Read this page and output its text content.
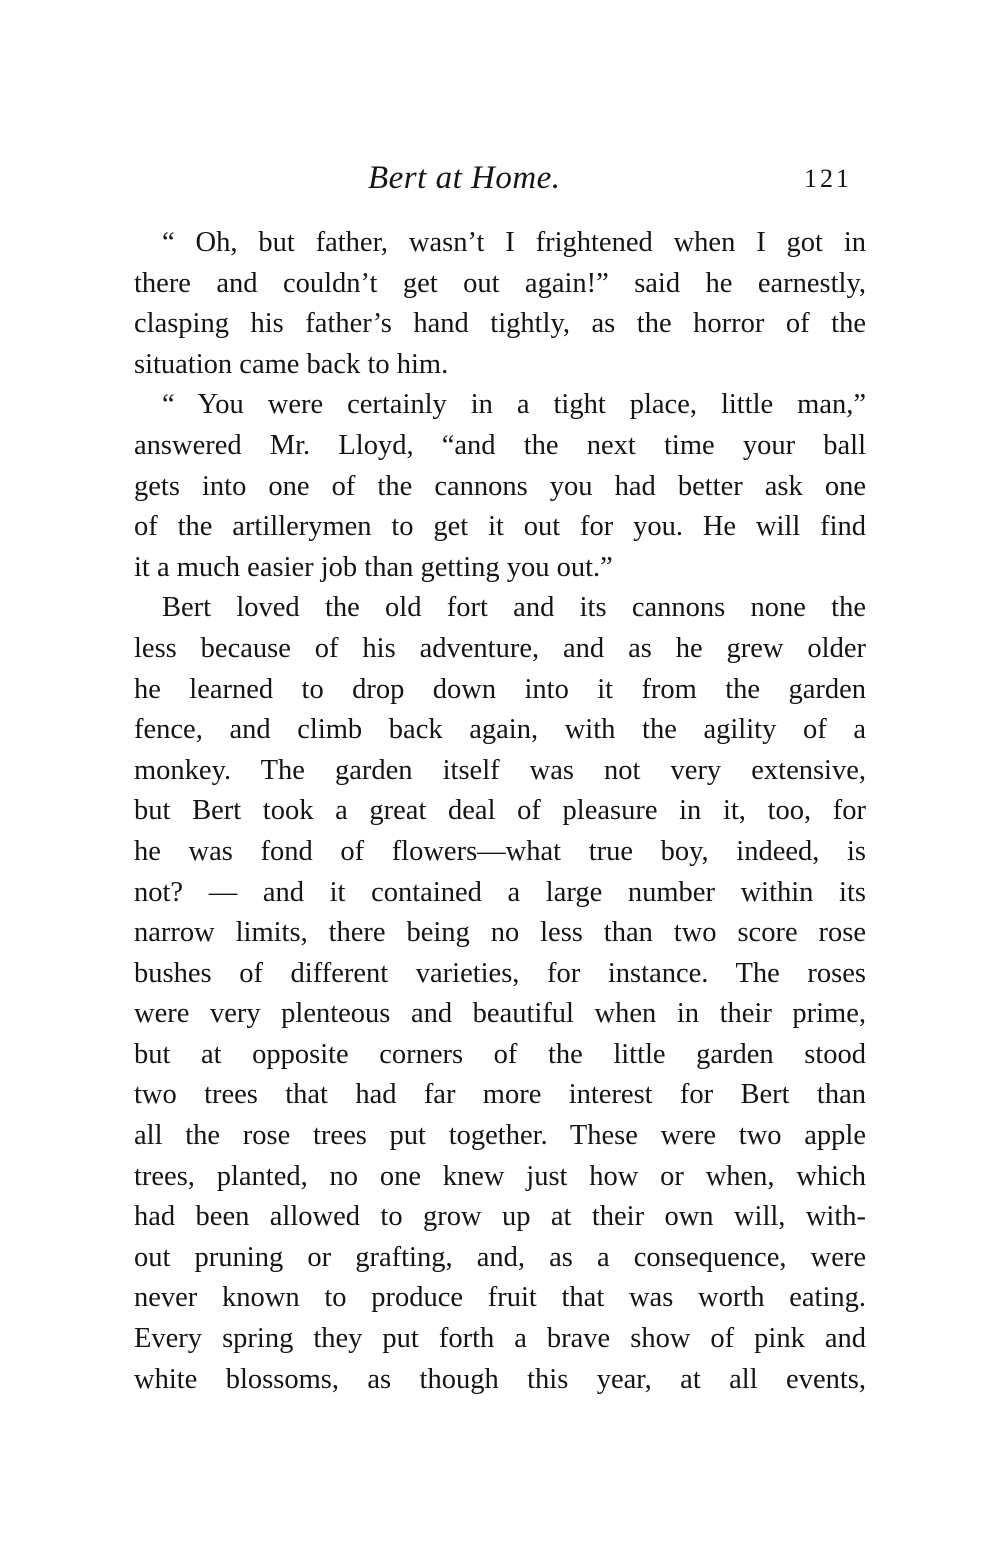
Bert at Home.	121
“ Oh, but father, wasn’t I frightened when I got in
there and couldn’t get out again!” said he earnestly,
clasping his father’s hand tightly, as the horror of the
situation came back to him.
“ You were certainly in a tight place, little man,”
answered Mr. Lloyd, “and the next time your ball
gets into one of the cannons you had better ask one
of the artillerymen to get it out for you. He will find
it a much easier job than getting you out.”
Bert loved the old fort and its cannons none the
less because of his adventure, and as he grew older
he learned to drop down into it from the garden
fence, and climb back again, with the agility of a
monkey. The garden itself was not very extensive,
but Bert took a great deal of pleasure in it, too, for
he was fond of flowers—what true boy, indeed, is
not? — and it contained a large number within its
narrow limits, there being no less than two score rose
bushes of different varieties, for instance. The roses
were very plenteous and beautiful when in their prime,
but at opposite corners of the little garden stood
two trees that had far more interest for Bert than
all the rose trees put together. These were two apple
trees, planted, no one knew just how or when, which
had been allowed to grow up at their own will, with-
out pruning or grafting, and, as a consequence, were
never known to produce fruit that was worth eating.
Every spring they put forth a brave show of pink and
white blossoms, as though this year, at all events,
